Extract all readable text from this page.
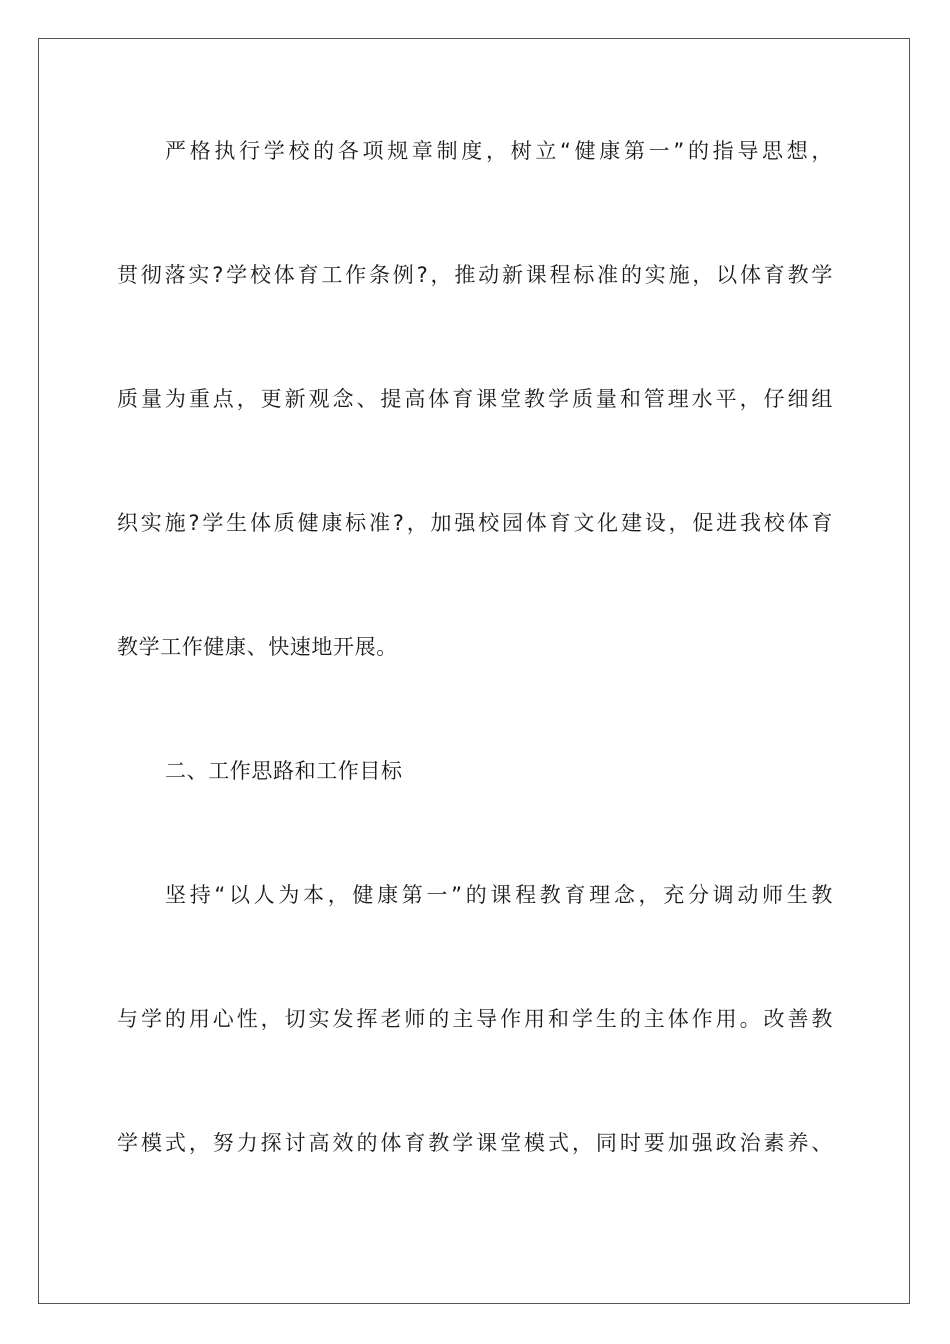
严格执行学校的各项规章制度，树立“健康第一”的指导思想，
贯彻落实?学校体育工作条例?，推动新课程标准的实施，以体育教学
质量为重点，更新观念、提高体育课堂教学质量和管理水平，仔细组
织实施?学生体质健康标准?，加强校园体育文化建设，促进我校体育
教学工作健康、快速地开展。
二、工作思路和工作目标
坚持“以人为本，健康第一”的课程教育理念，充分调动师生教
与学的用心性，切实发挥老师的主导作用和学生的主体作用。改善教
学模式，努力探讨高效的体育教学课堂模式，同时要加强政治素养、
